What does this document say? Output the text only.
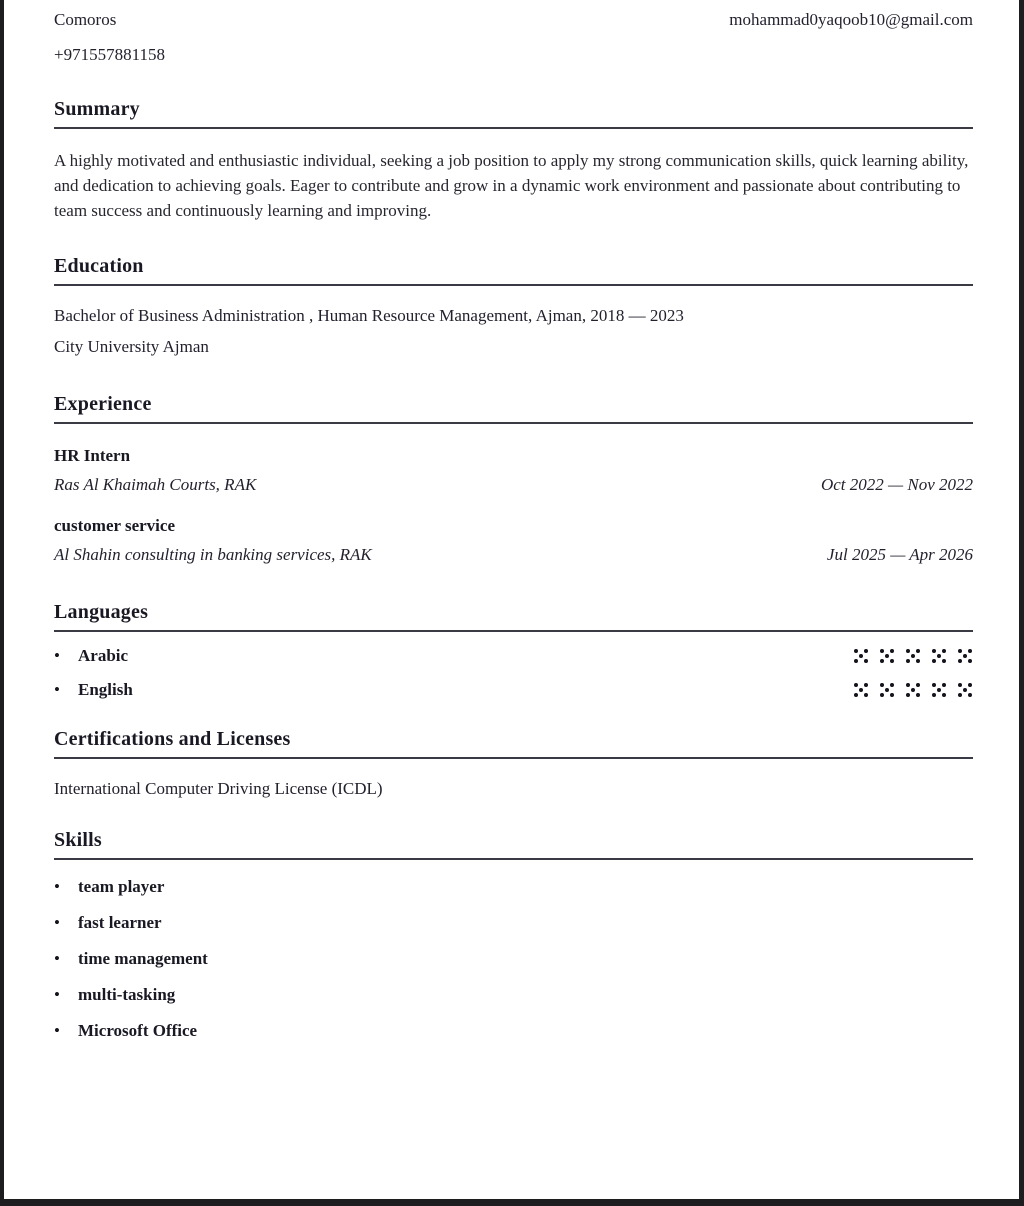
Comoros	mohammad0yaqoob10@gmail.com
+971557881158
Summary

A highly motivated and enthusiastic individual, seeking a job position to apply my strong communication skills, quick learning ability, and dedication to achieving goals. Eager to contribute and grow in a dynamic work environment and passionate about contributing to team success and continuously learning and improving.

Education
Bachelor of Business Administration , Human Resource Management, Ajman, 2018 — 2023
City University Ajman
Experience
HR Intern
Ras Al Khaimah Courts, RAK	Oct 2022 — Nov 2022
customer service
Al Shahin consulting in banking services, RAK	Jul 2025 — Apr 2026
Languages
•
Arabic
•
English
Certifications and Licenses
International Computer Driving License (ICDL)
Skills
•
team player
•
fast learner
•
time management
•
multi-tasking
•
Microsoft Office
